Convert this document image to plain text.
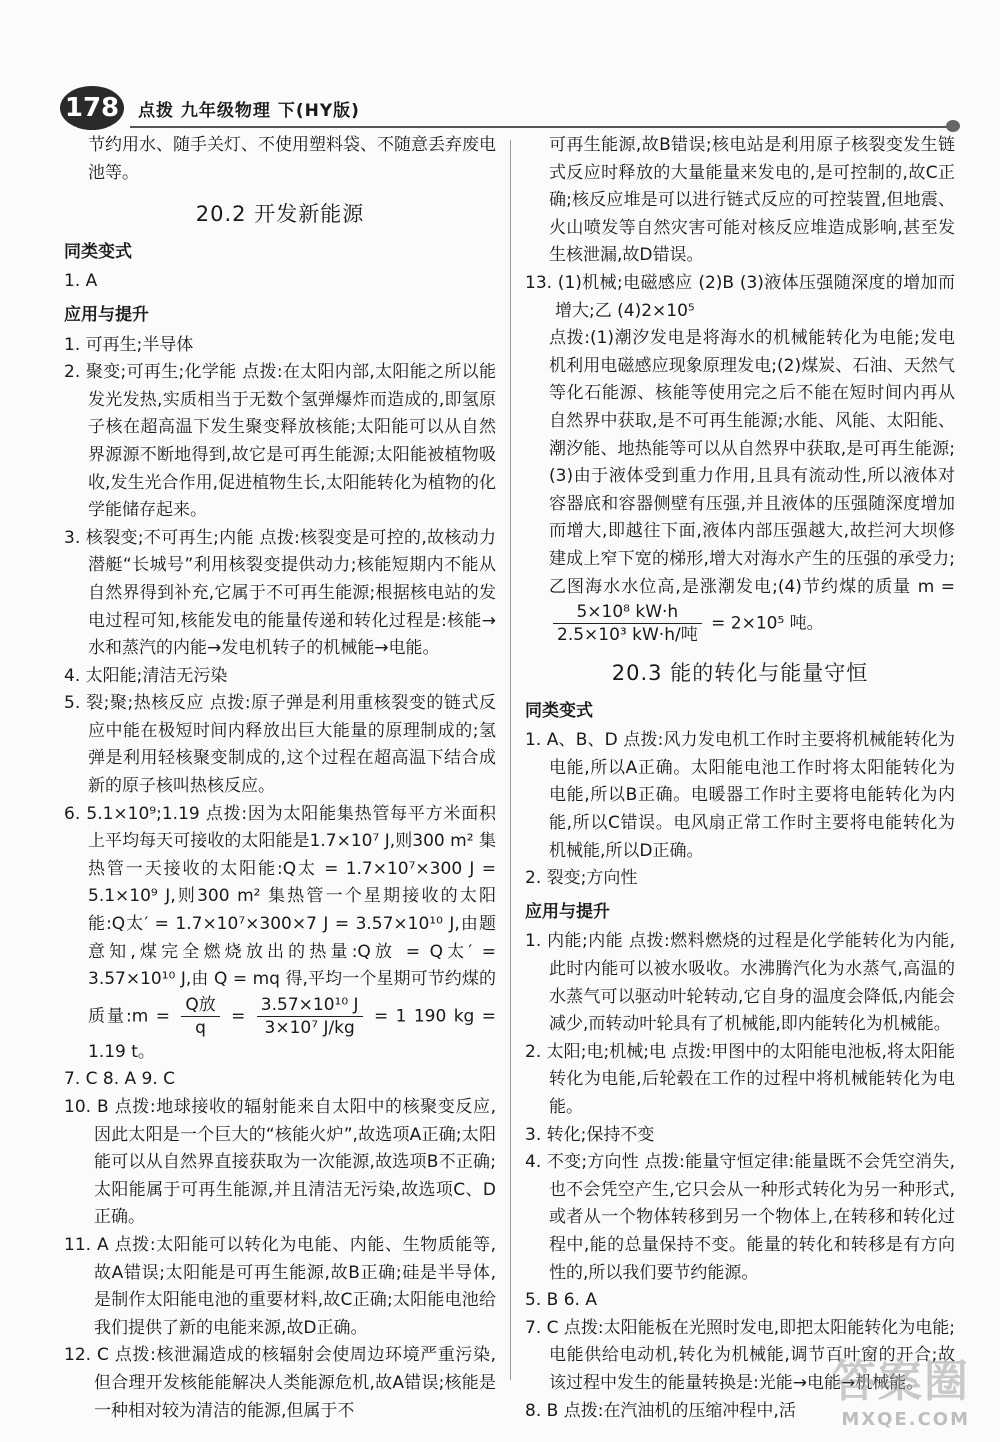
178 点拨 九年级物理 下(HY版)

节约用水、随手关灯、不使用塑料袋、不随意丢弃废电池等。

20.2 开发新能源
同类变式

1. A

应用与提升

1. 可再生;半导体

2. 聚变;可再生;化学能 点拨:在太阳内部,太阳能之所以能发光发热,实质相当于无数个氢弹爆炸而造成的,即氢原子核在超高温下发生聚变释放核能;太阳能可以从自然界源源不断地得到,故它是可再生能源;太阳能被植物吸收,发生光合作用,促进植物生长,太阳能转化为植物的化学能储存起来。

3. 核裂变;不可再生;内能 点拨:核裂变是可控的,故核动力潜艇“长城号”利用核裂变提供动力;核能短期内不能从自然界得到补充,它属于不可再生能源;根据核电站的发电过程可知,核能发电的能量传递和转化过程是:核能→水和蒸汽的内能→发电机转子的机械能→电能。

4. 太阳能;清洁无污染

5. 裂;聚;热核反应 点拨:原子弹是利用重核裂变的链式反应中能在极短时间内释放出巨大能量的原理制成的;氢弹是利用轻核聚变制成的,这个过程在超高温下结合成新的原子核叫热核反应。

6. 5.1×10⁹;1.19 点拨:因为太阳能集热管每平方米面积上平均每天可接收的太阳能是1.7×10⁷ J,则300 m² 集热管一天接收的太阳能:Q太 = 1.7×10⁷×300 J = 5.1×10⁹ J,则300 m² 集热管一个星期接收的太阳能:Q太′ = 1.7×10⁷×300×7 J = 3.57×10¹⁰ J,由题意知,煤完全燃烧放出的热量:Q放 = Q太′ = 3.57×10¹⁰ J,由 Q = mq 得,平均一个星期可节约煤的质量:m = $\frac{\text{Q放}}{q} = \frac{\text{3.57×10¹⁰ J}}{\text{3×10⁷ J/kg}} = 1$ 190 kg = 1.19 t。

7. C 8. A 9. C

10. B 点拨:地球接收的辐射能来自太阳中的核聚变反应,因此太阳是一个巨大的“核能火炉”,故选项A正确;太阳能可以从自然界直接获取为一次能源,故选项B不正确;太阳能属于可再生能源,并且清洁无污染,故选项C、D正确。

11. A 点拨:太阳能可以转化为电能、内能、生物质能等,故A错误;太阳能是可再生能源,故B正确;硅是半导体,是制作太阳能电池的重要材料,故C正确;太阳能电池给我们提供了新的电能来源,故D正确。

12. C 点拨:核泄漏造成的核辐射会使周边环境严重污染,但合理开发核能能解决人类能源危机,故A错误;核能是一种相对较为清洁的能源,但属于不

可再生能源,故B错误;核电站是利用原子核裂变发生链式反应时释放的大量能量来发电的,是可控制的,故C正确;核反应堆是可以进行链式反应的可控装置,但地震、火山喷发等自然灾害可能对核反应堆造成影响,甚至发生核泄漏,故D错误。

13. (1)机械;电磁感应 (2)B (3)液体压强随深度的增加而增大;乙 (4)2×10⁵

点拨:(1)潮汐发电是将海水的机械能转化为电能;发电机利用电磁感应现象原理发电;(2)煤炭、石油、天然气等化石能源、核能等使用完之后不能在短时间内再从自然界中获取,是不可再生能源;水能、风能、太阳能、潮汐能、地热能等可以从自然界中获取,是可再生能源;(3)由于液体受到重力作用,且具有流动性,所以液体对容器底和容器侧壁有压强,并且液体的压强随深度增加而增大,即越往下面,液体内部压强越大,故拦河大坝修建成上窄下宽的梯形,增大对海水产生的压强的承受力;乙图海水水位高,是涨潮发电;(4)节约煤的质量 m =
$\frac{\text{5×10⁸ kW·h}}{\text{2.5×10³ kW·h/吨}} = 2\times 10^5$ 吨。

20.3 能的转化与能量守恒
同类变式

1. A、B、D 点拨:风力发电机工作时主要将机械能转化为电能,所以A正确。太阳能电池工作时将太阳能转化为电能,所以B正确。电暖器工作时主要将电能转化为内能,所以C错误。电风扇正常工作时主要将电能转化为机械能,所以D正确。

2. 裂变;方向性

应用与提升

1. 内能;内能 点拨:燃料燃烧的过程是化学能转化为内能,此时内能可以被水吸收。水沸腾汽化为水蒸气,高温的水蒸气可以驱动叶轮转动,它自身的温度会降低,内能会减少,而转动叶轮具有了机械能,即内能转化为机械能。

2. 太阳;电;机械;电 点拨:甲图中的太阳能电池板,将太阳能转化为电能,后轮毂在工作的过程中将机械能转化为电能。

3. 转化;保持不变

4. 不变;方向性 点拨:能量守恒定律:能量既不会凭空消失,也不会凭空产生,它只会从一种形式转化为另一种形式,或者从一个物体转移到另一个物体上,在转移和转化过程中,能的总量保持不变。能量的转化和转移是有方向性的,所以我们要节约能源。

5. B 6. A

7. C 点拨:太阳能板在光照时发电,即把太阳能转化为电能;电能供给电动机,转化为机械能,调节百叶窗的开合;故该过程中发生的能量转换是:光能→电能→机械能。

8. B 点拨:在汽油机的压缩冲程中,活

答案圈
MXQE.COM
